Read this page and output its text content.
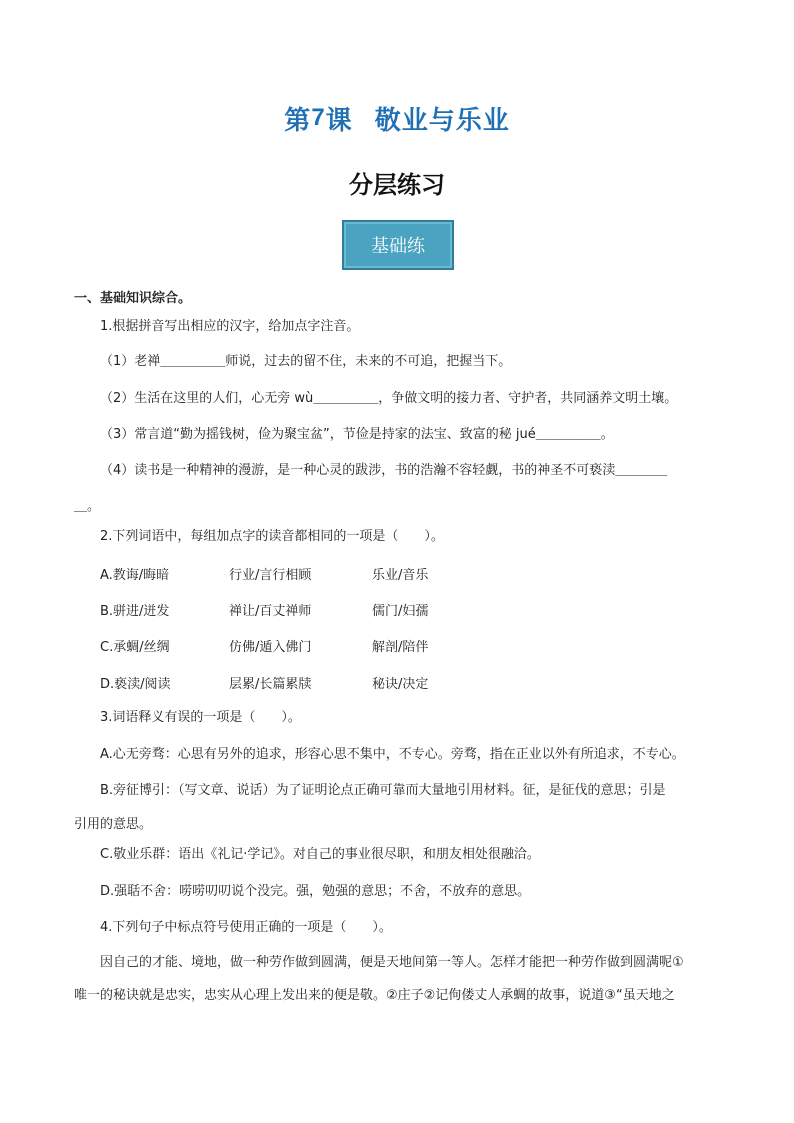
第7课 敬业与乐业
分层练习
基础练
一、基础知识综合。
1.根据拼音写出相应的汉字，给加点字注音。
（1）老禅＿＿＿＿＿师说，过去的留不住，未来的不可追，把握当下。
（2）生活在这里的人们，心无旁 wù＿＿＿＿＿，争做文明的接力者、守护者，共同涵养文明土壤。
（3）常言道“勤为摇钱树，俭为聚宝盆”，节俭是持家的法宝、致富的秘 jué＿＿＿＿＿。
（4）读书是一种精神的漫游，是一种心灵的跋涉，书的浩瀚不容轻觑，书的神圣不可亵渎＿＿＿＿
＿。
2.下列词语中，每组加点字的读音都相同的一项是（　　）。
A.教诲/晦暗	行业/言行相顾	乐业/音乐
B.骈进/迸发	禅让/百丈禅师	儒门/妇孺
C.承蜩/丝绸	仿佛/遁入佛门	解剖/陪伴
D.亵渎/阅读	层累/长篇累牍	秘诀/决定
3.词语释义有误的一项是（　　）。
A.心无旁骛：心思有另外的追求，形容心思不集中，不专心。旁骛，指在正业以外有所追求，不专心。
B.旁征博引：（写文章、说话）为了证明论点正确可靠而大量地引用材料。征，是征伐的意思；引是
引用的意思。
C.敬业乐群：语出《礼记·学记》。对自己的事业很尽职，和朋友相处很融洽。
D.强聒不舍：唠唠叨叨说个没完。强，勉强的意思；不舍，不放弃的意思。
4.下列句子中标点符号使用正确的一项是（　　）。
因自己的才能、境地，做一种劳作做到圆满，便是天地间第一等人。怎样才能把一种劳作做到圆满呢①
唯一的秘诀就是忠实，忠实从心理上发出来的便是敬。②庄子②记佝偻丈人承蜩的故事，说道③“虽天地之
